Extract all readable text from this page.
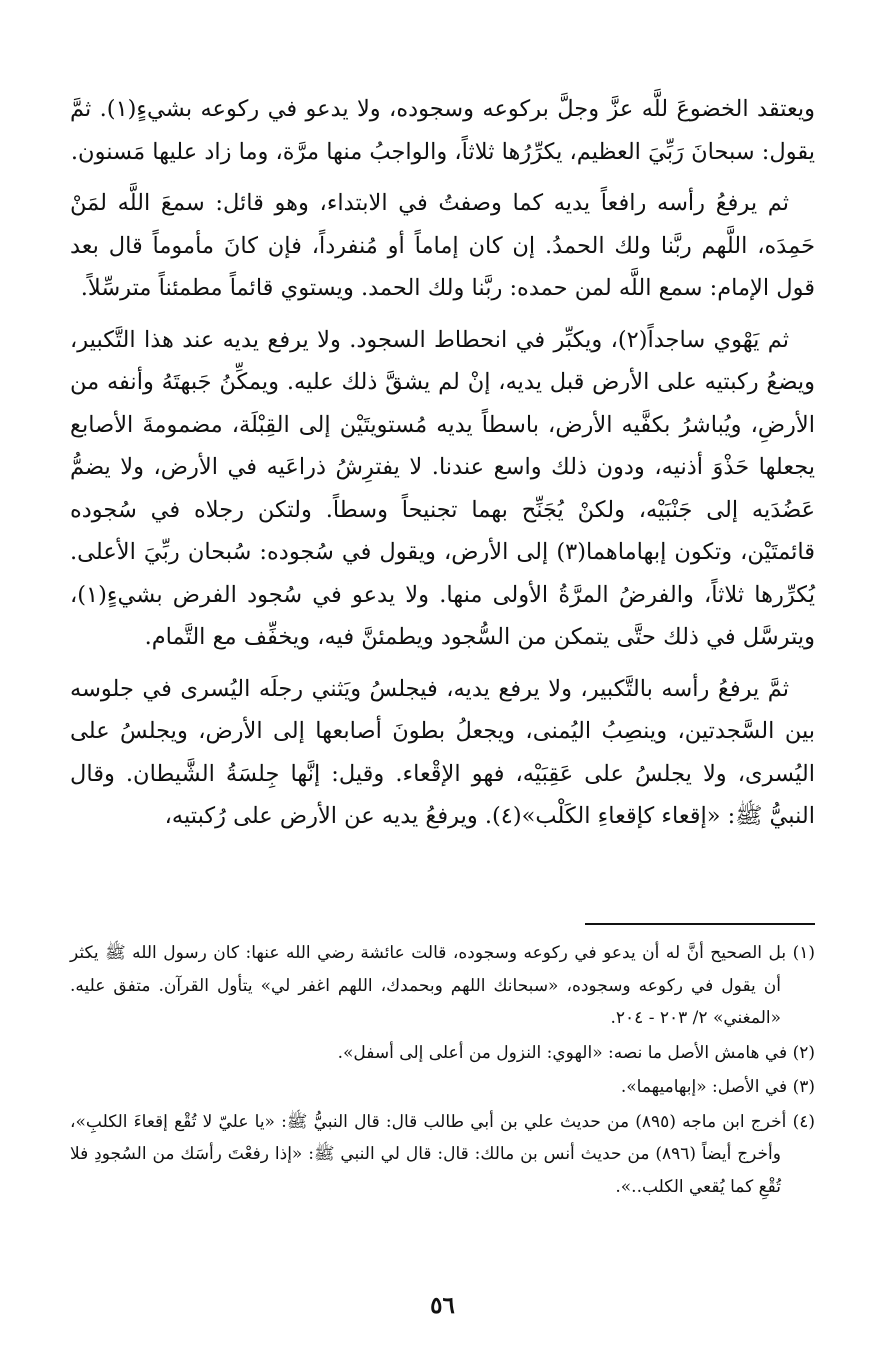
ويعتقد الخضوعَ للَّه عزَّ وجلَّ بركوعه وسجوده، ولا يدعو في ركوعه بشيءٍ(١). ثمَّ يقول: سبحانَ رَبِّيَ العظيم، يكرِّرُها ثلاثاً، والواجبُ منها مرَّة، وما زاد عليها مَسنون.

ثم يرفعُ رأسه رافعاً يديه كما وصفتُ في الابتداء، وهو قائل: سمعَ اللَّه لمَنْ حَمِدَه، اللَّهم ربَّنا ولك الحمدُ. إن كان إماماً أو مُنفرداً، فإن كانَ مأموماً قال بعد قول الإمام: سمع اللَّه لمن حمده: ربَّنا ولك الحمد. ويستوي قائماً مطمئناً مترسِّلاً.

ثم يَهْوي ساجداً(٢)، ويكبِّر في انحطاط السجود. ولا يرفع يديه عند هذا التَّكبير، ويضعُ ركبتيه على الأرض قبل يديه، إنْ لم يشقَّ ذلك عليه. ويمكِّنُ جَبهتَهُ وأنفه من الأرضِ، ويُباشرُ بكفَّيه الأرض، باسطاً يديه مُستويتَيْن إلى القِبْلَة، مضمومةَ الأصابع يجعلها حَذْوَ أذنيه، ودون ذلك واسع عندنا. لا يفترِشُ ذراعَيه في الأرض، ولا يضمُّ عَضُدَيه إلى جَنْبَيْه، ولكنْ يُجَنِّح بهما تجنيحاً وسطاً. ولتكن رجلاه في سُجوده قائمتَيْن، وتكون إبهاماهما(٣) إلى الأرض، ويقول في سُجوده: سُبحان ربِّيَ الأعلى. يُكرِّرها ثلاثاً، والفرضُ المرَّةُ الأولى منها. ولا يدعو في سُجود الفرض بشيءٍ(١)، ويترسَّل في ذلك حتَّى يتمكن من السُّجود ويطمئنَّ فيه، ويخفِّف مع التَّمام.

ثمَّ يرفعُ رأسه بالتَّكبير، ولا يرفع يديه، فيجلسُ ويَثني رجلَه اليُسرى في جلوسه بين السَّجدتين، وينصِبُ اليُمنى، ويجعلُ بطونَ أصابعها إلى الأرض، ويجلسُ على اليُسرى، ولا يجلسُ على عَقِبَيْه، فهو الإقْعاء. وقيل: إنَّها جِلسَةُ الشَّيطان. وقال النبيُّ ﷺ: «إقعاء كإقعاءِ الكَلْب»(٤). ويرفعُ يديه عن الأرض على رُكبتيه،

(١) بل الصحيح أنَّ له أن يدعو في ركوعه وسجوده، قالت عائشة رضي الله عنها: كان رسول الله ﷺ يكثر أن يقول في ركوعه وسجوده، «سبحانك اللهم وبحمدك، اللهم اغفر لي» يتأول القرآن. متفق عليه. «المغني» ٢/ ٢٠٣ - ٢٠٤.

(٢) في هامش الأصل ما نصه: «الهوي: النزول من أعلى إلى أسفل».

(٣) في الأصل: «إبهاميهما».

(٤) أخرج ابن ماجه (٨٩٥) من حديث علي بن أبي طالب قال: قال النبيُّ ﷺ: «يا عليّ لا تُقْع إقعاءَ الكلبِ»، وأخرج أيضاً (٨٩٦) من حديث أنس بن مالك: قال: قال لي النبي ﷺ: «إذا رفعْتَ رأسَك من السُجودِ فلا تُقْعِ كما يُقعي الكلب..».

٥٦
